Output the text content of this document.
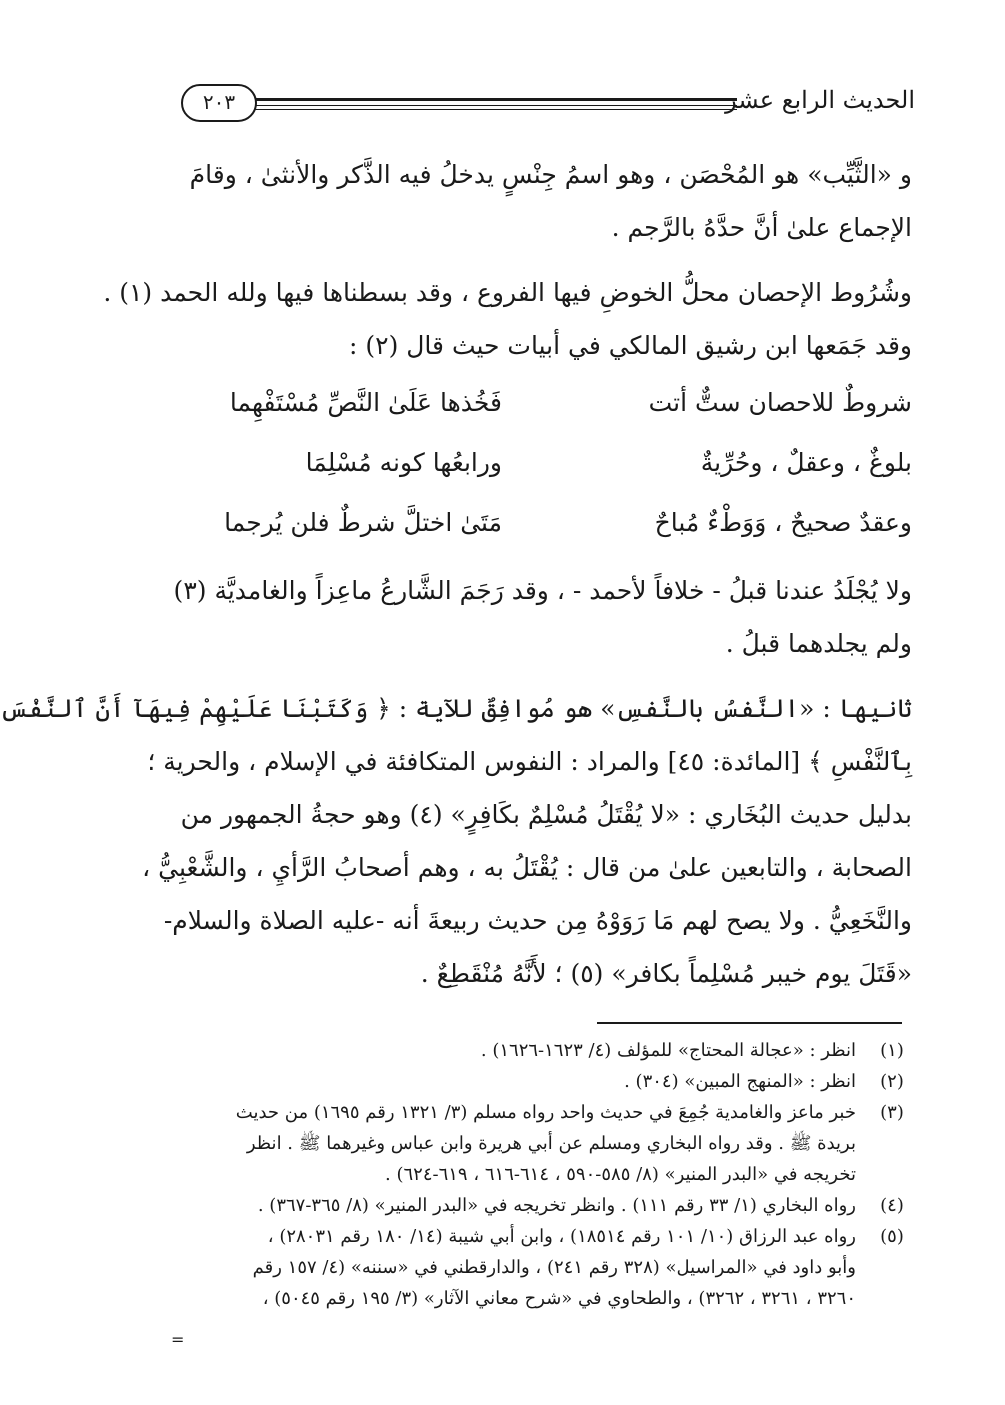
الحديث الرابع عشر
٢٠٣

و «الثَّيِّب» هو المُحْصَن ، وهو اسمُ جِنْسٍ يدخلُ فيه الذَّكر والأنثىٰ ، وقامَ

الإجماع علىٰ أنَّ حدَّهُ بالرَّجم .

وشُرُوط الإحصان محلُّ الخوضِ فيها الفروع ، وقد بسطناها فيها ولله الحمد (١) .

وقد جَمَعها ابن رشيق المالكي في أبيات حيث قال (٢) :

شروطٌ للاحصان ستٌّ أتت
فَخُذها عَلَىٰ النَّصِّ مُسْتَفْهِما
بلوغٌ ، وعقلٌ ، وحُرِّيةٌ
ورابعُها كونه مُسْلِمَا
وعقدٌ صحيحٌ ، وَوَطْءٌ مُباحٌ
مَتَىٰ اختلَّ شرطٌ فلن يُرجما

ولا يُجْلَدُ عندنا قبلُ - خلافاً لأحمد - ، وقد رَجَمَ الشَّارعُ ماعِزاً والغامديَّة (٣)

ولم يجلدهما قبلُ .

ثانيها : «النَّفسُ بالنَّفسِ» هو مُوافِقٌ للآية : ﴿ وَكَتَبْنَا عَلَيْهِمْ فِيهَآ أَنَّ ٱلنَّفْسَ

بِٱلنَّفْسِ ﴾ [المائدة: ٤٥] والمراد : النفوس المتكافئة في الإسلام ، والحرية ؛

بدليل حديث البُخَاري : «لا يُقْتَلُ مُسْلِمٌ بكَافِرٍ» (٤) وهو حجةُ الجمهور من

الصحابة ، والتابعين علىٰ من قال : يُقْتَلُ به ، وهم أصحابُ الرَّأيِ ، والشَّعْبِيُّ ،

والنَّخَعِيُّ . ولا يصح لهم مَا رَوَوْهُ مِن حديث ربيعةَ أنه -عليه الصلاة والسلام-

«قَتَلَ يوم خيبر مُسْلِماً بكافر» (٥) ؛ لأَنَّهُ مُنْقَطِعٌ .

(١)
انظر : «عجالة المحتاج» للمؤلف (٤/ ١٦٢٣-١٦٢٦) .
(٢)
انظر : «المنهج المبين» (٣٠٤) .
(٣)
خبر ماعز والغامدية جُمِعَ في حديث واحد رواه مسلم (٣/ ١٣٢١ رقم ١٦٩٥) من حديث
بريدة ﷺ . وقد رواه البخاري ومسلم عن أبي هريرة وابن عباس وغيرهما ﷺ . انظر
تخريجه في «البدر المنير» (٨/ ٥٨٥-٥٩٠ ، ٦١٤-٦١٦ ، ٦١٩-٦٢٤) .
(٤)
رواه البخاري (١/ ٣٣ رقم ١١١) . وانظر تخريجه في «البدر المنير» (٨/ ٣٦٥-٣٦٧) .
(٥)
رواه عبد الرزاق (١٠/ ١٠١ رقم ١٨٥١٤) ، وابن أبي شيبة (١٤/ ١٨٠ رقم ٢٨٠٣١) ،
وأبو داود في «المراسيل» (٣٢٨ رقم ٢٤١) ، والدارقطني في «سننه» (٤/ ١٥٧ رقم
٣٢٦٠ ، ٣٢٦١ ، ٣٢٦٢) ، والطحاوي في «شرح معاني الآثار» (٣/ ١٩٥ رقم ٥٠٤٥) ،
=
